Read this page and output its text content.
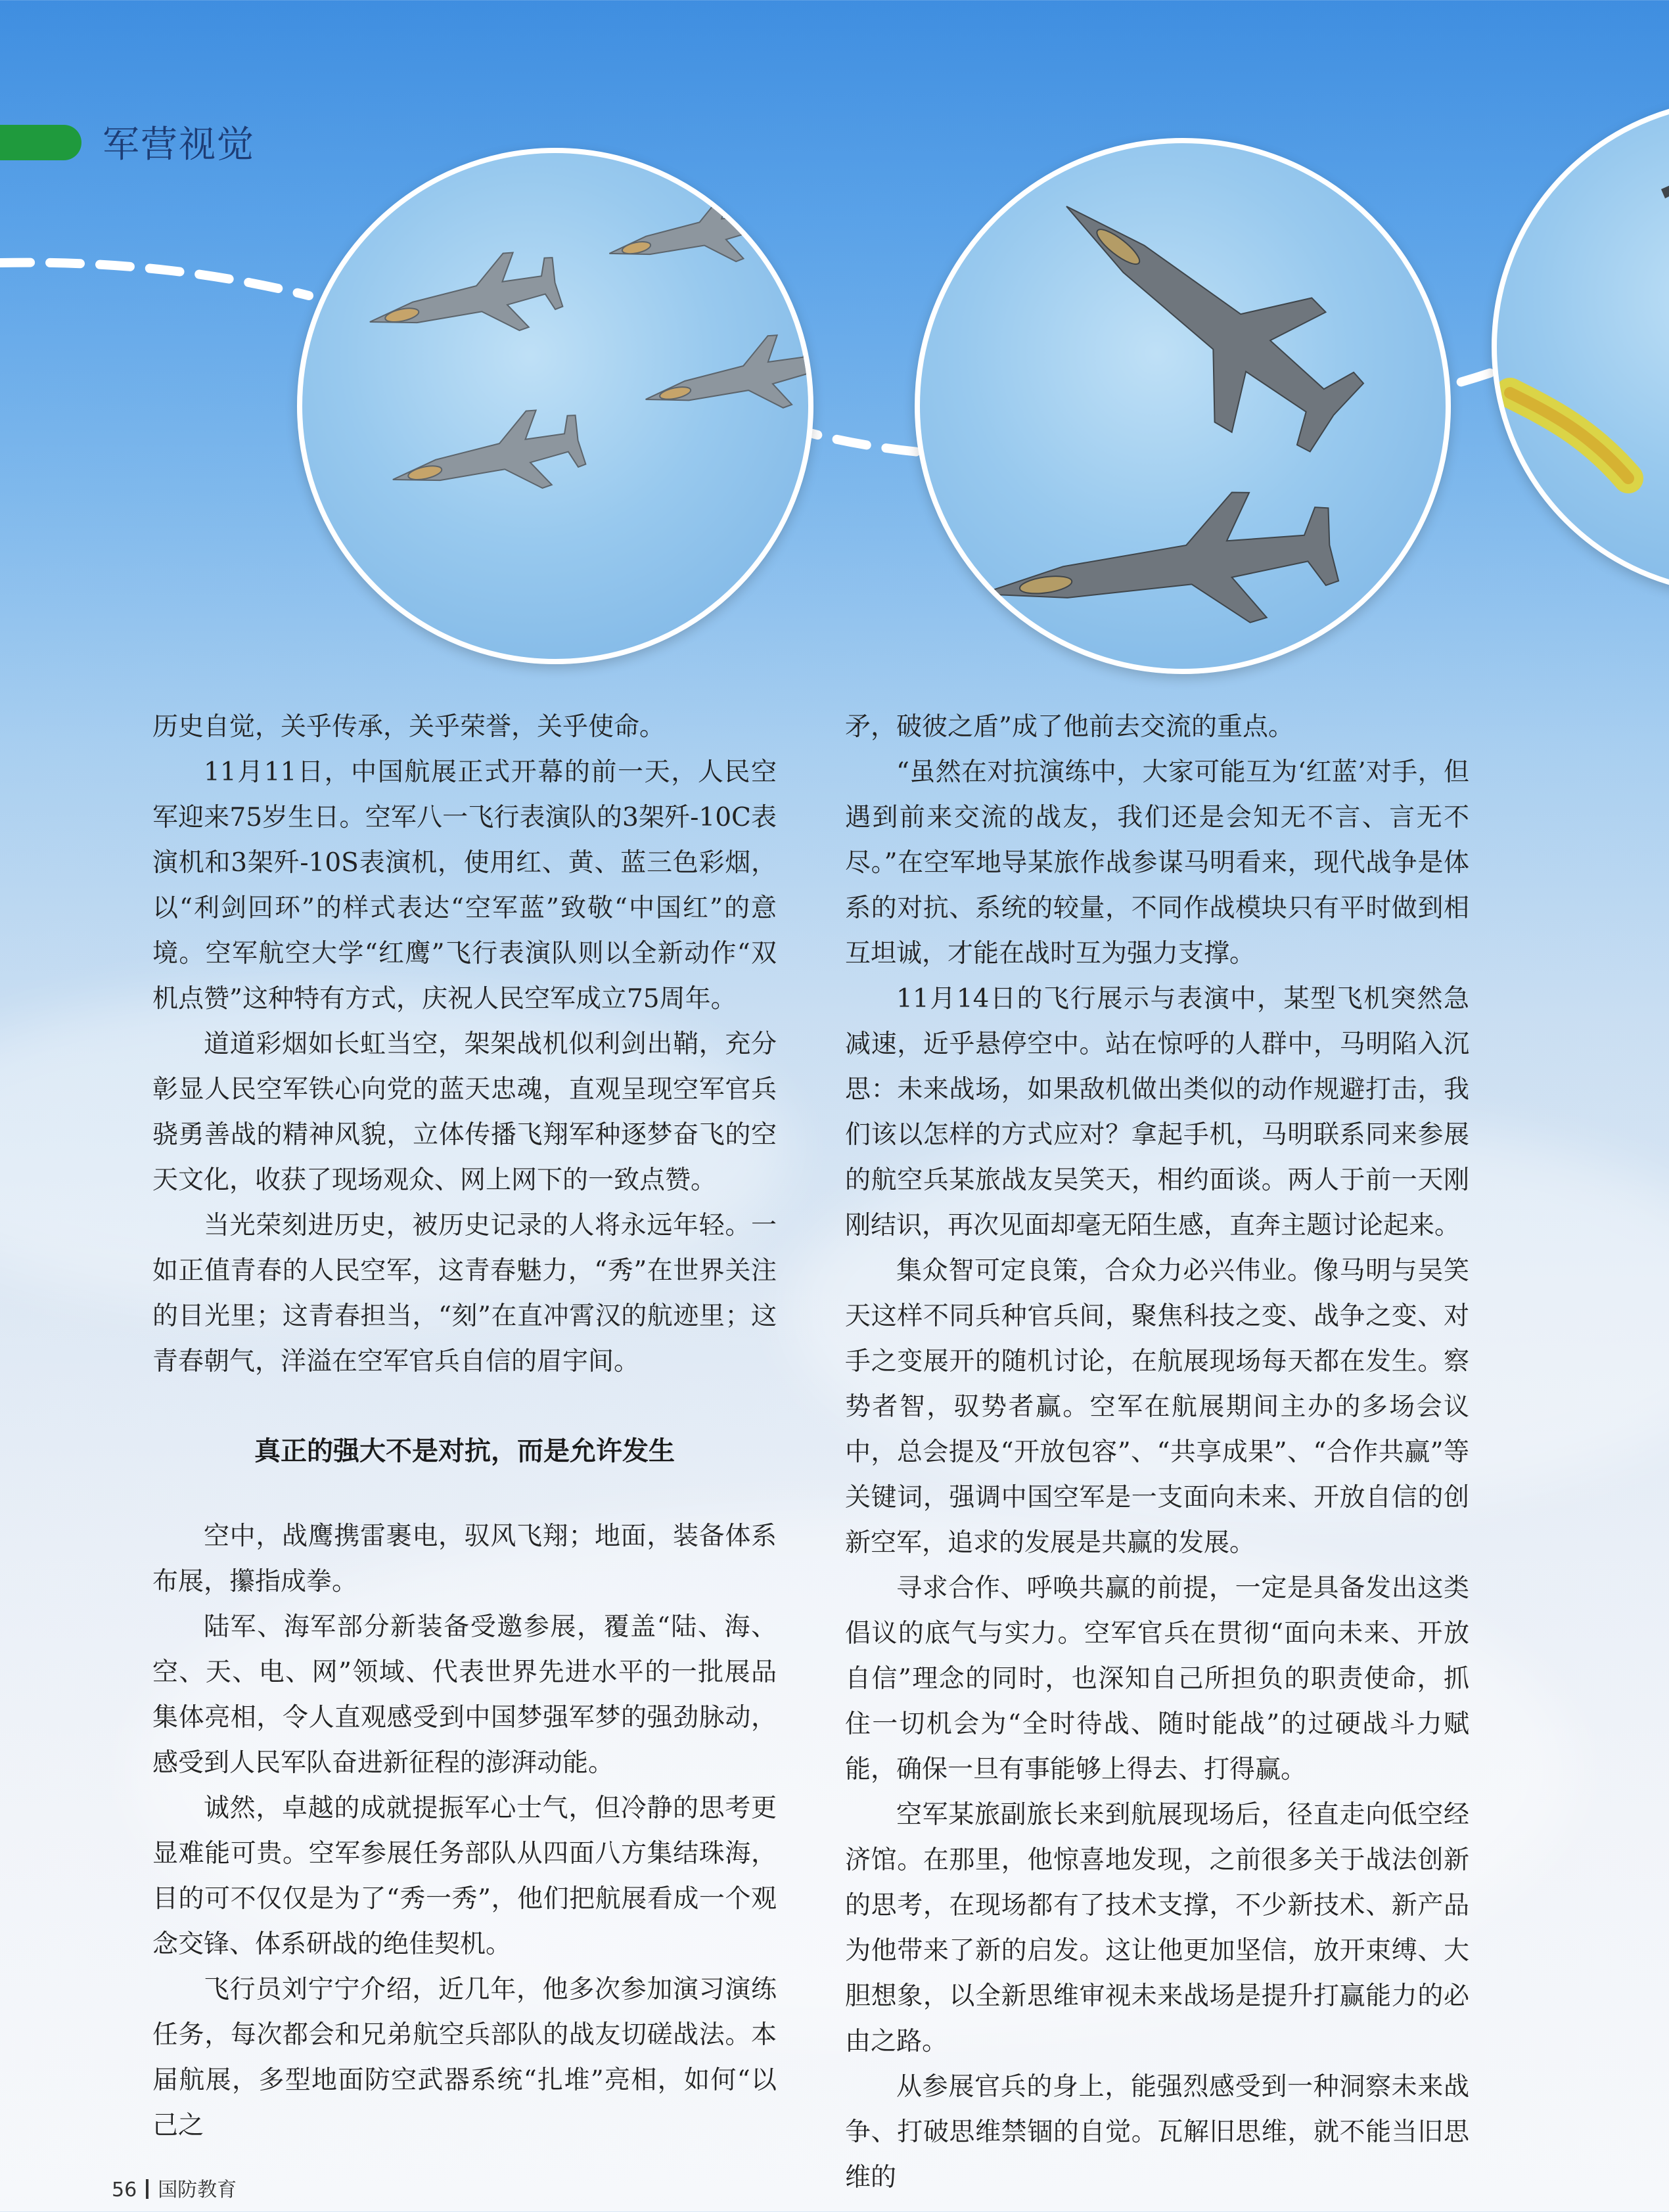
军营视觉

历史自觉，关乎传承，关乎荣誉，关乎使命。

11月11日，中国航展正式开幕的前一天，人民空军迎来75岁生日。空军八一飞行表演队的3架歼-10C表演机和3架歼-10S表演机，使用红、黄、蓝三色彩烟，以“利剑回环”的样式表达“空军蓝”致敬“中国红”的意境。空军航空大学“红鹰”飞行表演队则以全新动作“双机点赞”这种特有方式，庆祝人民空军成立75周年。

道道彩烟如长虹当空，架架战机似利剑出鞘，充分彰显人民空军铁心向党的蓝天忠魂，直观呈现空军官兵骁勇善战的精神风貌，立体传播飞翔军种逐梦奋飞的空天文化，收获了现场观众、网上网下的一致点赞。

当光荣刻进历史，被历史记录的人将永远年轻。一如正值青春的人民空军，这青春魅力，“秀”在世界关注的目光里；这青春担当，“刻”在直冲霄汉的航迹里；这青春朝气，洋溢在空军官兵自信的眉宇间。

真正的强大不是对抗，而是允许发生

空中，战鹰携雷裹电，驭风飞翔；地面，装备体系布展，攥指成拳。

陆军、海军部分新装备受邀参展，覆盖“陆、海、空、天、电、网”领域、代表世界先进水平的一批展品集体亮相，令人直观感受到中国梦强军梦的强劲脉动，感受到人民军队奋进新征程的澎湃动能。

诚然，卓越的成就提振军心士气，但冷静的思考更显难能可贵。空军参展任务部队从四面八方集结珠海，目的可不仅仅是为了“秀一秀”，他们把航展看成一个观念交锋、体系研战的绝佳契机。

飞行员刘宁宁介绍，近几年，他多次参加演习演练任务，每次都会和兄弟航空兵部队的战友切磋战法。本届航展，多型地面防空武器系统“扎堆”亮相，如何“以己之

矛，破彼之盾”成了他前去交流的重点。

“虽然在对抗演练中，大家可能互为‘红蓝’对手，但遇到前来交流的战友，我们还是会知无不言、言无不尽。”在空军地导某旅作战参谋马明看来，现代战争是体系的对抗、系统的较量，不同作战模块只有平时做到相互坦诚，才能在战时互为强力支撑。

11月14日的飞行展示与表演中，某型飞机突然急减速，近乎悬停空中。站在惊呼的人群中，马明陷入沉思：未来战场，如果敌机做出类似的动作规避打击，我们该以怎样的方式应对？拿起手机，马明联系同来参展的航空兵某旅战友吴笑天，相约面谈。两人于前一天刚刚结识，再次见面却毫无陌生感，直奔主题讨论起来。

集众智可定良策，合众力必兴伟业。像马明与吴笑天这样不同兵种官兵间，聚焦科技之变、战争之变、对手之变展开的随机讨论，在航展现场每天都在发生。察势者智，驭势者赢。空军在航展期间主办的多场会议中，总会提及“开放包容”、“共享成果”、“合作共赢”等关键词，强调中国空军是一支面向未来、开放自信的创新空军，追求的发展是共赢的发展。

寻求合作、呼唤共赢的前提，一定是具备发出这类倡议的底气与实力。空军官兵在贯彻“面向未来、开放自信”理念的同时，也深知自己所担负的职责使命，抓住一切机会为“全时待战、随时能战”的过硬战斗力赋能，确保一旦有事能够上得去、打得赢。

空军某旅副旅长来到航展现场后，径直走向低空经济馆。在那里，他惊喜地发现，之前很多关于战法创新的思考，在现场都有了技术支撑，不少新技术、新产品为他带来了新的启发。这让他更加坚信，放开束缚、大胆想象，以全新思维审视未来战场是提升打赢能力的必由之路。

从参展官兵的身上，能强烈感受到一种洞察未来战争、打破思维禁锢的自觉。瓦解旧思维，就不能当旧思维的

56 国防教育
